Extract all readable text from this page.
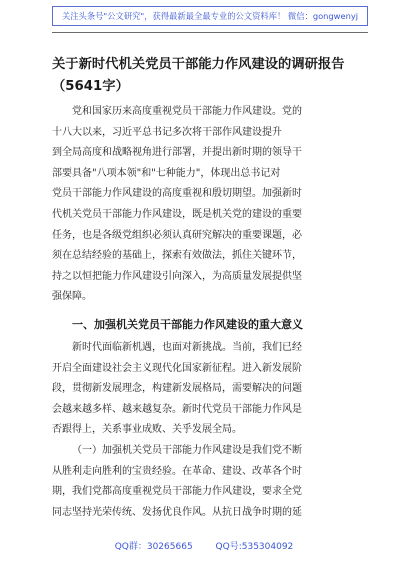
关注头条号"公文研究"，获得最新最全最专业的公文资料库！ 微信：gongwenyj

关于新时代机关党员干部能力作风建设的调研报告

（5641字）

党和国家历来高度重视党员干部能力作风建设。党的

十八大以来，习近平总书记多次将干部作风建设提升

到全局高度和战略视角进行部署，并提出新时期的领导干

部要具备"八项本领"和"七种能力"，体现出总书记对

党员干部能力作风建设的高度重视和殷切期望。加强新时

代机关党员干部能力作风建设，既是机关党的建设的重要

任务，也是各级党组织必须认真研究解决的重要课题，必

须在总结经验的基础上，探索有效做法，抓住关键环节，

持之以恒把能力作风建设引向深入，为高质量发展提供坚

强保障。

一、加强机关党员干部能力作风建设的重大意义

新时代面临新机遇，也面对新挑战。当前，我们已经

开启全面建设社会主义现代化国家新征程。进入新发展阶

段，贯彻新发展理念，构建新发展格局，需要解决的问题

会越来越多样、越来越复杂。新时代党员干部能力作风是

否跟得上，关系事业成败、关乎发展全局。

（一）加强机关党员干部能力作风建设是我们党不断

从胜利走向胜利的宝贵经验。在革命、建设、改革各个时

期，我们党都高度重视党员干部能力作风建设，要求全党

同志坚持光荣传统、发扬优良作风。从抗日战争时期的延

QQ群：30265665	QQ号:535304092
